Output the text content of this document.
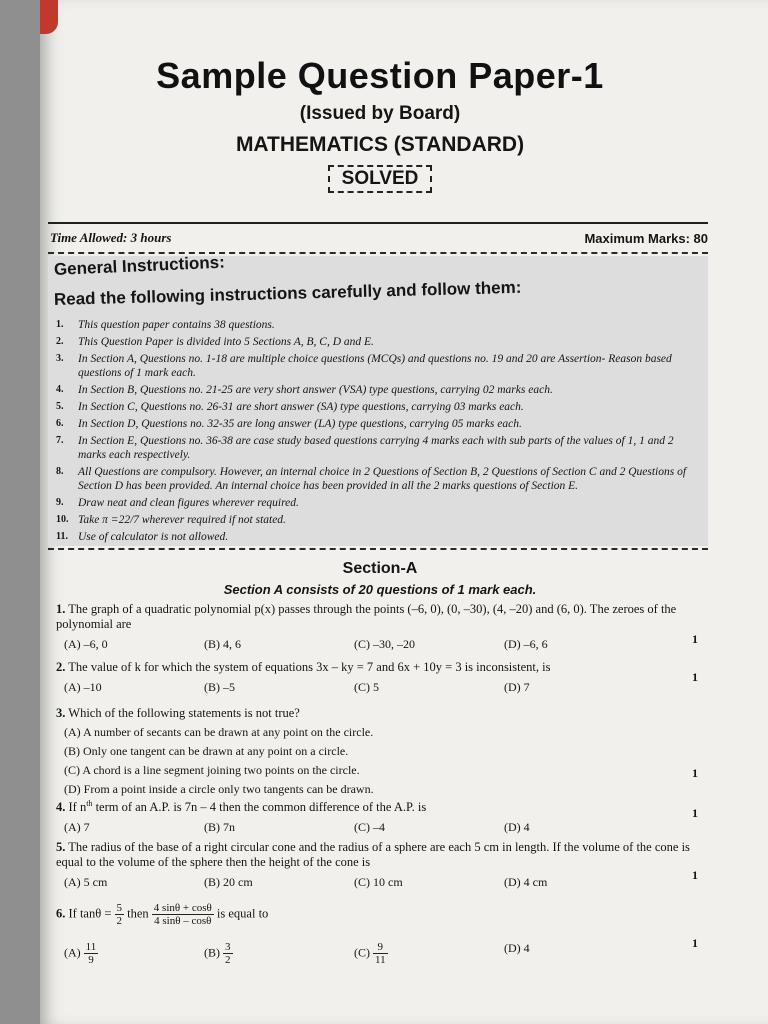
Sample Question Paper-1
(Issued by Board)
MATHEMATICS (STANDARD)
SOLVED
Time Allowed: 3 hours	Maximum Marks: 80
General Instructions:
Read the following instructions carefully and follow them:
1.	This question paper contains 38 questions.
2.	This Question Paper is divided into 5 Sections A, B, C, D and E.
3.	In Section A, Questions no. 1-18 are multiple choice questions (MCQs) and questions no. 19 and 20 are Assertion- Reason based questions of 1 mark each.
4.	In Section B, Questions no. 21-25 are very short answer (VSA) type questions, carrying 02 marks each.
5.	In Section C, Questions no. 26-31 are short answer (SA) type questions, carrying 03 marks each.
6.	In Section D, Questions no. 32-35 are long answer (LA) type questions, carrying 05 marks each.
7.	In Section E, Questions no. 36-38 are case study based questions carrying 4 marks each with sub parts of the values of 1, 1 and 2 marks each respectively.
8.	All Questions are compulsory. However, an internal choice in 2 Questions of Section B, 2 Questions of Section C and 2 Questions of Section D has been provided. An internal choice has been provided in all the 2 marks questions of Section E.
9.	Draw neat and clean figures wherever required.
10. Take π =22/7 wherever required if not stated.
11. Use of calculator is not allowed.
Section-A
Section A consists of 20 questions of 1 mark each.
1. The graph of a quadratic polynomial p(x) passes through the points (–6, 0), (0, –30), (4, –20) and (6, 0). The zeroes of the polynomial are
(A) –6, 0	(B) 4, 6	(C) –30, –20	(D) –6, 6	1
2. The value of k for which the system of equations 3x – ky = 7 and 6x + 10y = 3 is inconsistent, is
(A) –10	(B) –5	(C) 5	(D) 7
1
3. Which of the following statements is not true?
(A) A number of secants can be drawn at any point on the circle.
(B) Only one tangent can be drawn at any point on a circle.
(C) A chord is a line segment joining two points on the circle.
(D) From a point inside a circle only two tangents can be drawn.
1
4. If $n^{th}$ term of an A.P. is 7n – 4 then the common difference of the A.P. is
(A) 7	(B) 7n	(C) –4	(D) 4
1
5. The radius of the base of a right circular cone and the radius of a sphere are each 5 cm in length. If the volume of the cone is equal to the volume of the sphere then the height of the cone is
(A) 5 cm	(B) 20 cm	(C) 10 cm	(D) 4 cm	1
6. If $\tan\theta = \frac{5}{2}$ then $\frac{4 \sin\theta + \cos\theta}{4 \sin\theta - \cos\theta}$ is equal to
$(A) \frac{11}{9}$	$(B) \frac{3}{2}$	$(C) \frac{9}{11}$	(D) 4	1
